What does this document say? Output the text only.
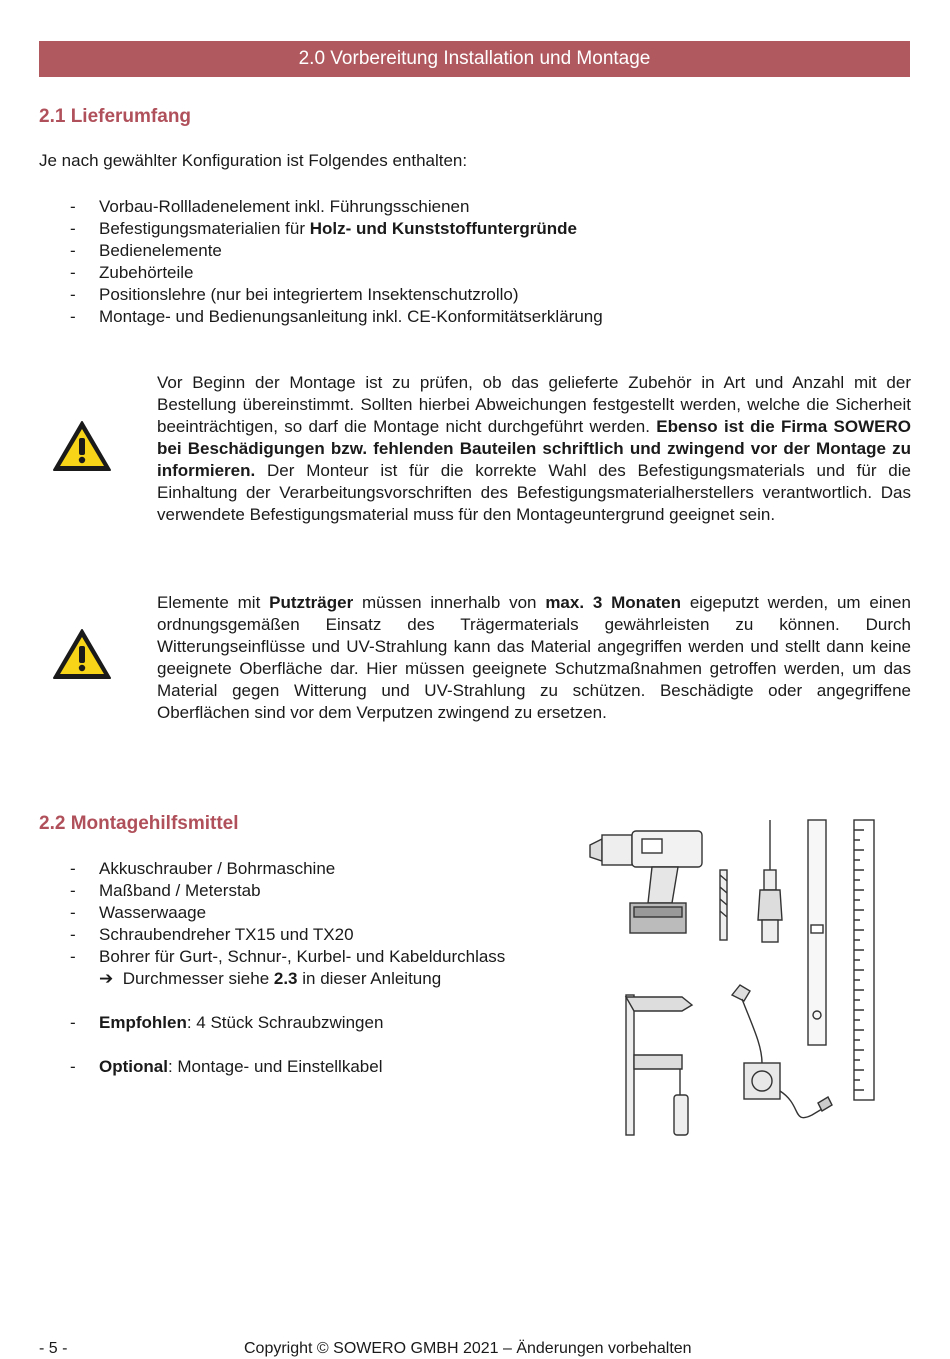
2.0 Vorbereitung Installation und Montage
2.1 Lieferumfang

Je nach gewählter Konfiguration ist Folgendes enthalten:

- Vorbau-Rollladenelement inkl. Führungsschienen
- Befestigungsmaterialien für Holz- und Kunststoffuntergründe
- Bedienelemente
- Zubehörteile
- Positionslehre (nur bei integriertem Insektenschutzrollo)
- Montage- und Bedienungsanleitung inkl. CE-Konformitätserklärung

Vor Beginn der Montage ist zu prüfen, ob das gelieferte Zubehör in Art und Anzahl mit der Bestellung übereinstimmt. Sollten hierbei Abweichungen festgestellt werden, welche die Sicherheit beeinträchtigen, so darf die Montage nicht durchgeführt werden. Ebenso ist die Firma SOWERO bei Beschädigungen bzw. fehlenden Bauteilen schriftlich und zwingend vor der Montage zu informieren. Der Monteur ist für die korrekte Wahl des Befestigungsmaterials und für die Einhaltung der Verarbeitungsvorschriften des Befestigungsmaterialherstellers verantwortlich. Das verwendete Befestigungsmaterial muss für den Montageuntergrund geeignet sein.

Elemente mit Putzträger müssen innerhalb von max. 3 Monaten eigeputzt werden, um einen ordnungsgemäßen Einsatz des Trägermaterials gewährleisten zu können. Durch Witterungseinflüsse und UV-Strahlung kann das Material angegriffen werden und stellt dann keine geeignete Oberfläche dar. Hier müssen geeignete Schutzmaßnahmen getroffen werden, um das Material gegen Witterung und UV-Strahlung zu schützen. Beschädigte oder angegriffene Oberflächen sind vor dem Verputzen zwingend zu ersetzen.

2.2 Montagehilfsmittel
- Akkuschrauber / Bohrmaschine
- Maßband / Meterstab
- Wasserwaage
- Schraubendreher TX15 und TX20
- Bohrer für Gurt-, Schnur-, Kurbel- und Kabeldurchlass
➔ Durchmesser siehe 2.3 in dieser Anleitung
- Empfohlen: 4 Stück Schraubzwingen
- Optional: Montage- und Einstellkabel
- 5 -	Copyright © SOWERO GMBH 2021 – Änderungen vorbehalten
